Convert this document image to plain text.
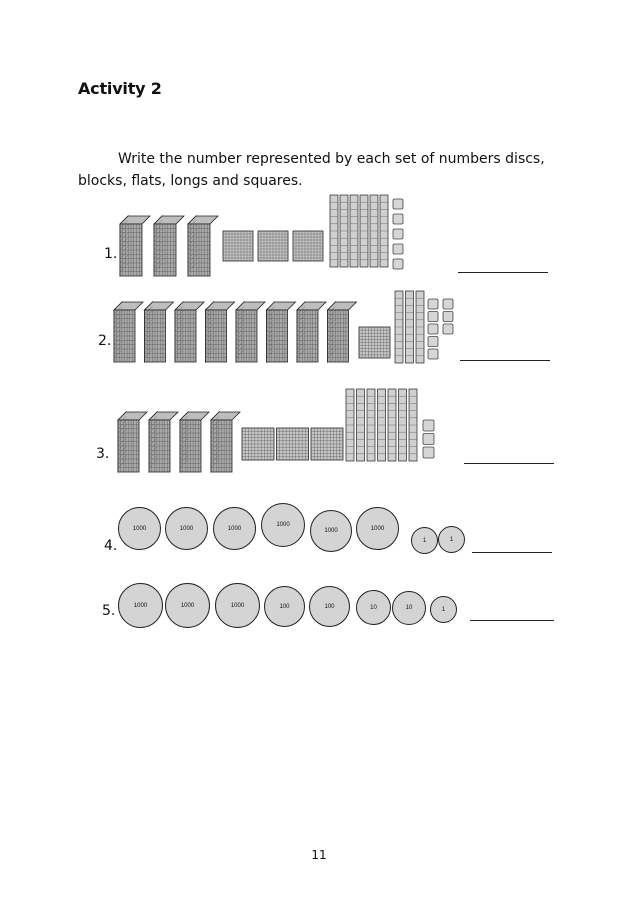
Activity 2
Write the number represented by each set of numbers discs, blocks, flats, longs and squares.
1.
2.
3.
4.
5.
1000	1000	1000
1000
1000	1000
1	1
1000	1000	1000	100	100	10	10	1
11
